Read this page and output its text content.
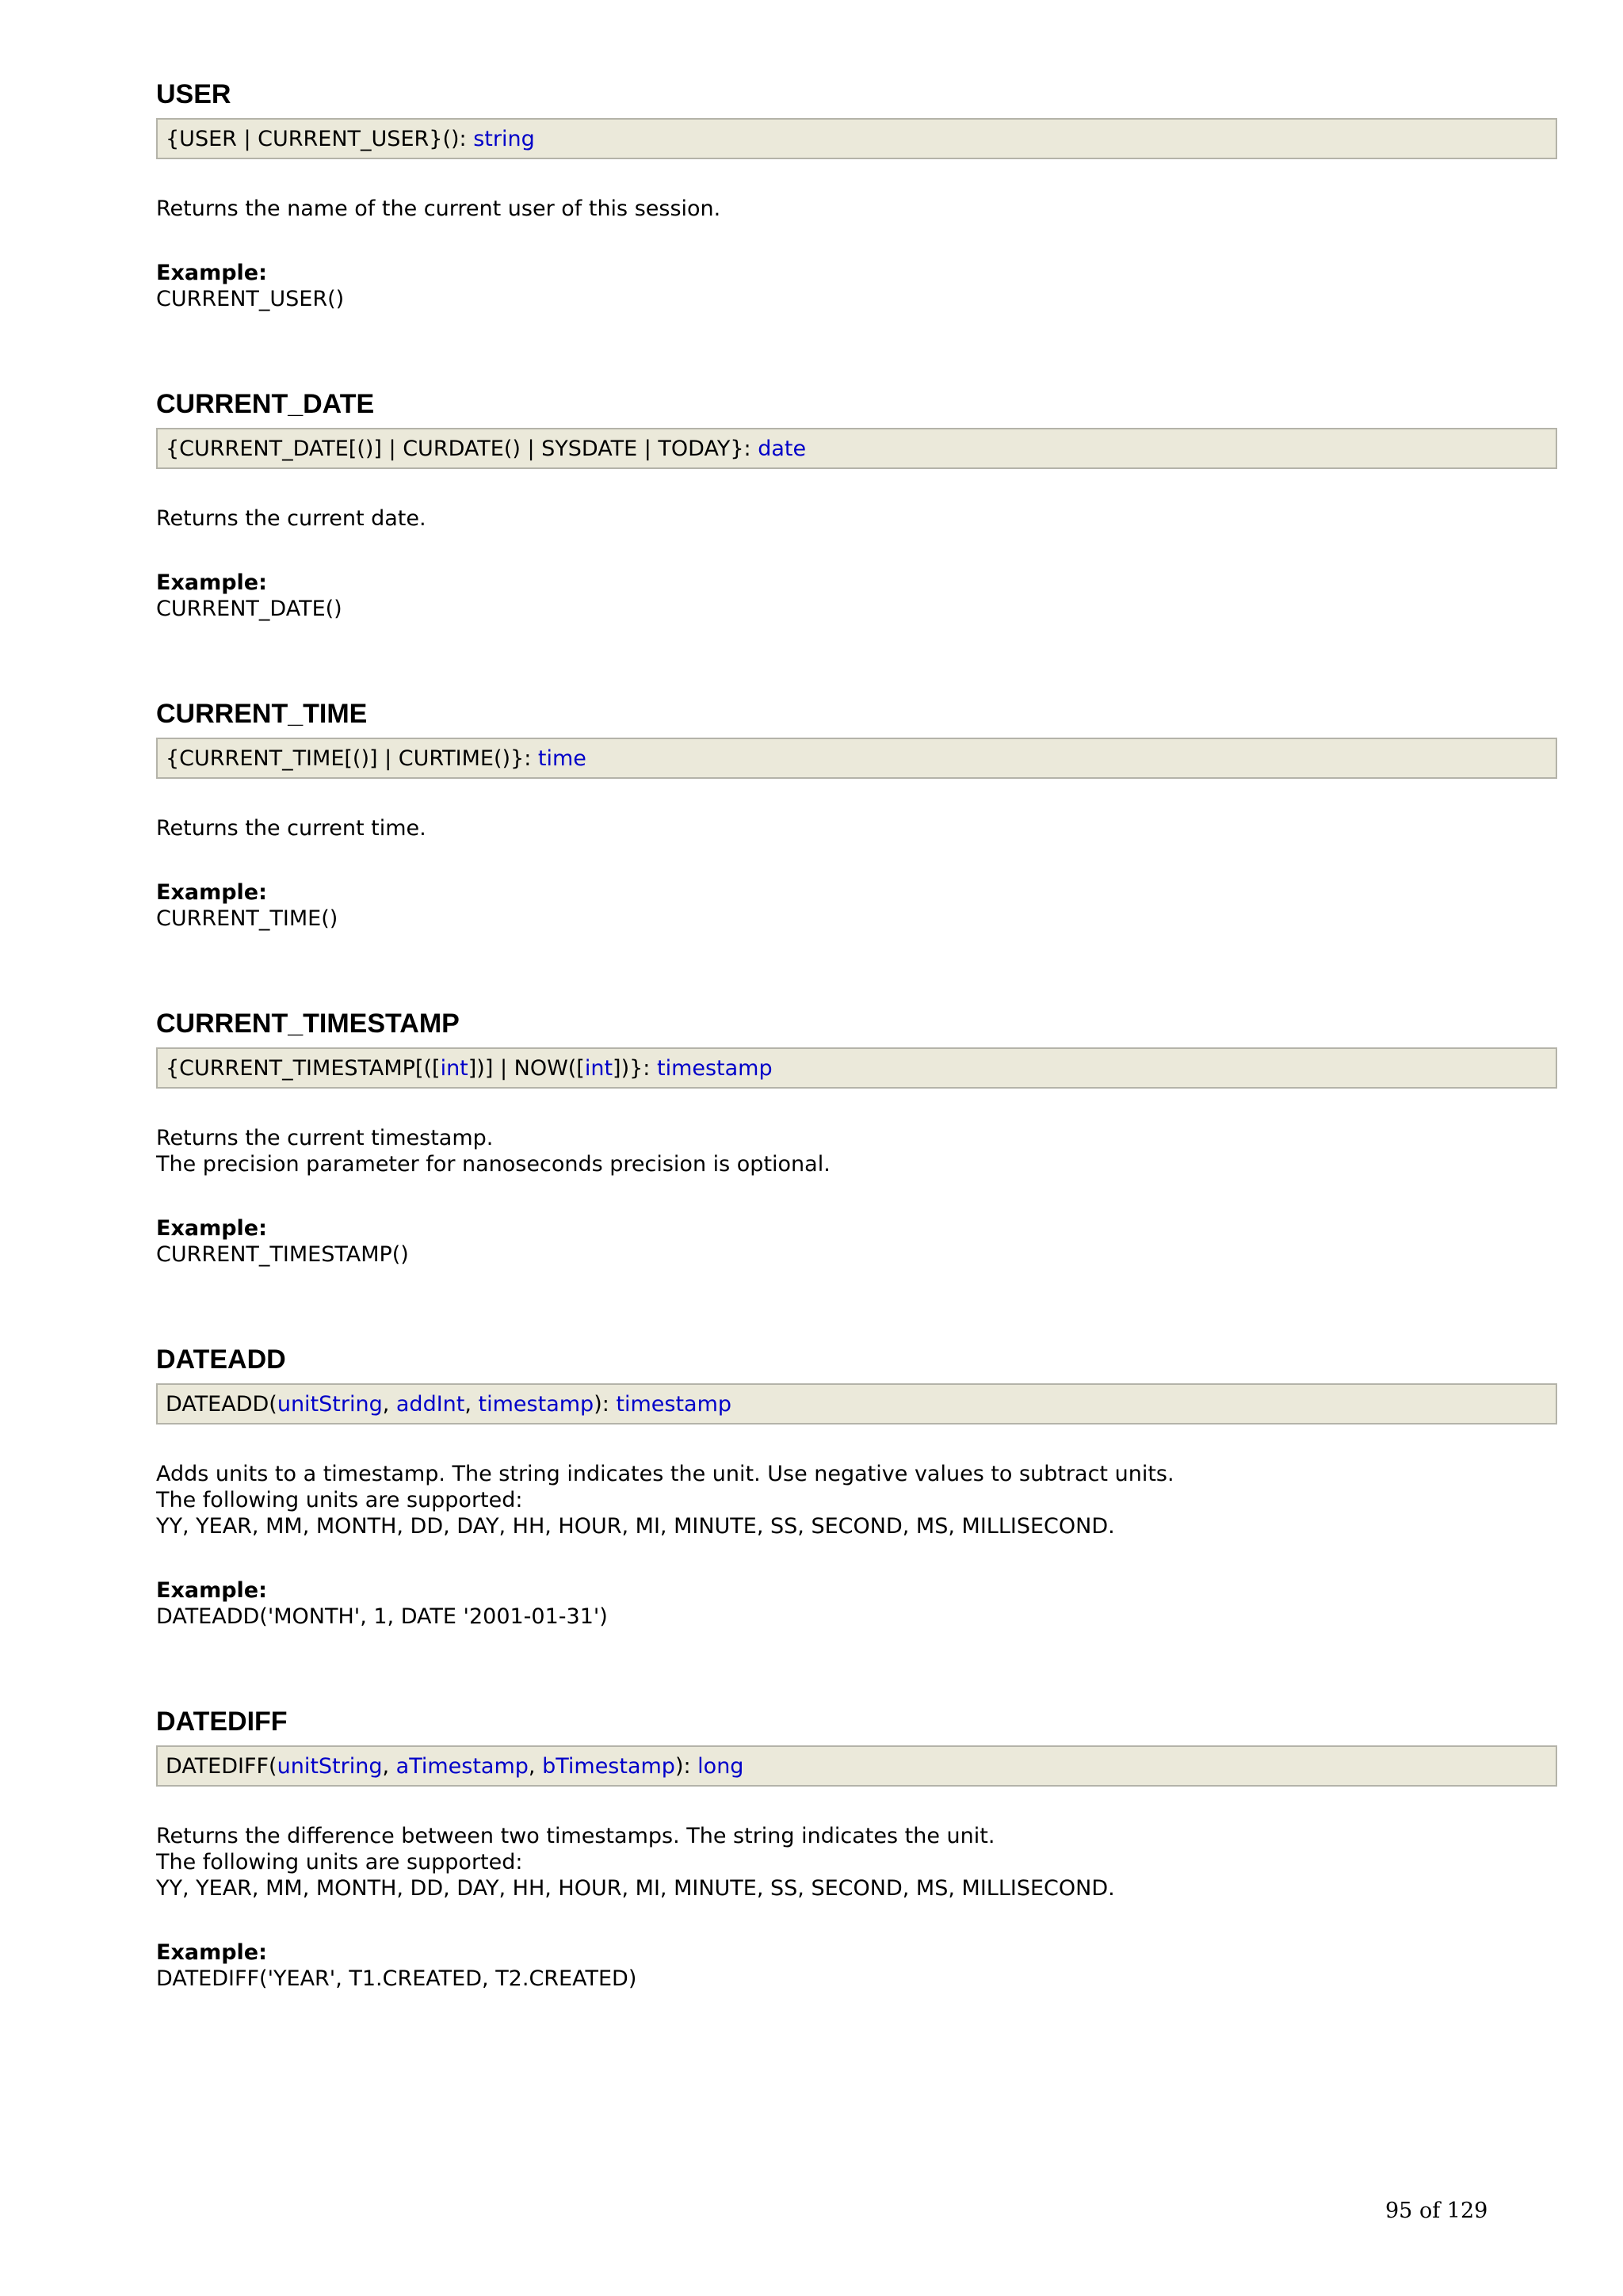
USER
{USER | CURRENT_USER}(): string
Returns the name of the current user of this session.
Example:
CURRENT_USER()
CURRENT_DATE
{CURRENT_DATE[()] | CURDATE() | SYSDATE | TODAY}: date
Returns the current date.
Example:
CURRENT_DATE()
CURRENT_TIME
{CURRENT_TIME[()] | CURTIME()}: time
Returns the current time.
Example:
CURRENT_TIME()
CURRENT_TIMESTAMP
{CURRENT_TIMESTAMP[([int])] | NOW([int])}: timestamp
Returns the current timestamp.
The precision parameter for nanoseconds precision is optional.
Example:
CURRENT_TIMESTAMP()
DATEADD
DATEADD(unitString, addInt, timestamp): timestamp
Adds units to a timestamp. The string indicates the unit. Use negative values to subtract units.
The following units are supported:
YY, YEAR, MM, MONTH, DD, DAY, HH, HOUR, MI, MINUTE, SS, SECOND, MS, MILLISECOND.
Example:
DATEADD('MONTH', 1, DATE '2001-01-31')
DATEDIFF
DATEDIFF(unitString, aTimestamp, bTimestamp): long
Returns the difference between two timestamps. The string indicates the unit.
The following units are supported:
YY, YEAR, MM, MONTH, DD, DAY, HH, HOUR, MI, MINUTE, SS, SECOND, MS, MILLISECOND.
Example:
DATEDIFF('YEAR', T1.CREATED, T2.CREATED)
95 of 129
